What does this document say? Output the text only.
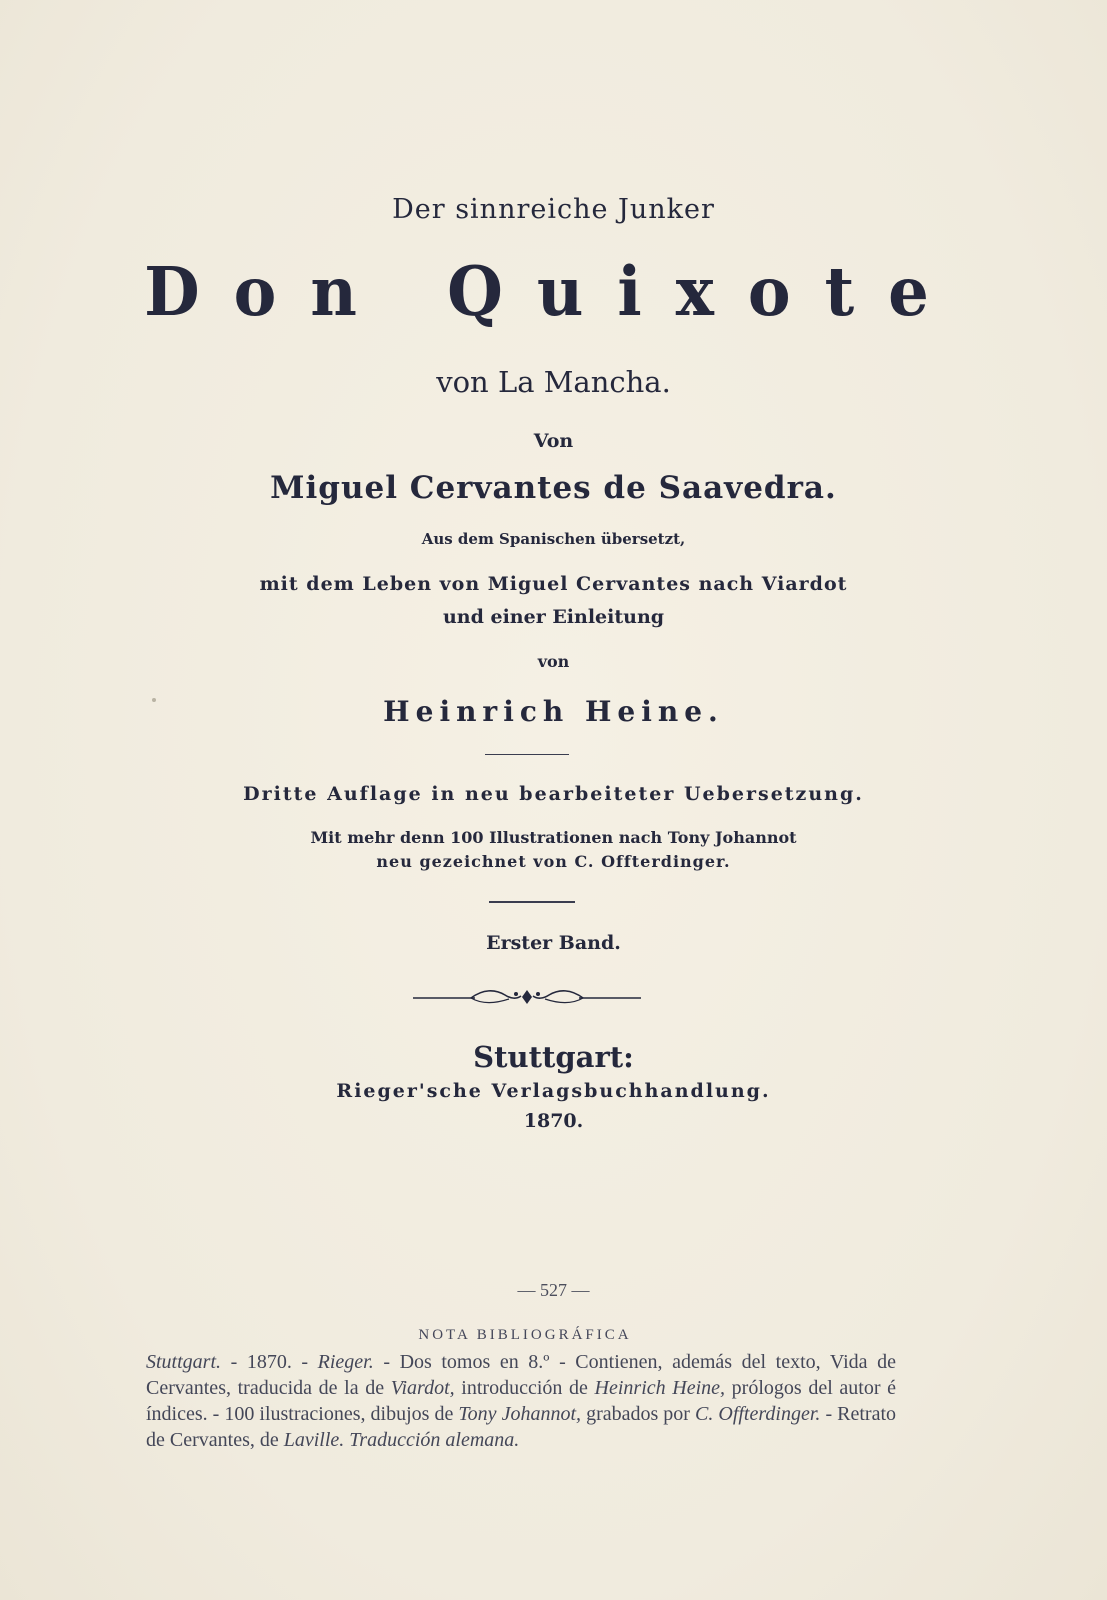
Der sinnreiche Junker
Don Quixote
von La Mancha.
Von
Miguel Cervantes de Saavedra.
Aus dem Spanischen übersetzt,
mit dem Leben von Miguel Cervantes nach Viardot
und einer Einleitung
von
Heinrich Heine.
Dritte Auflage in neu bearbeiteter Uebersetzung.
Mit mehr denn 100 Illustrationen nach Tony Johannot
neu gezeichnet von C. Offterdinger.
Erster Band.
Stuttgart:
Rieger'sche Verlagsbuchhandlung.
1870.
— 527 —
NOTA BIBLIOGRÁFICA
Stuttgart. - 1870. - Rieger. - Dos tomos en 8.º - Contienen, además del texto, Vida de Cervantes, traducida de la de Viardot, introducción de Heinrich Heine, prólogos del autor é índices. - 100 ilustraciones, dibujos de Tony Johannot, grabados por C. Offterdinger. - Retrato de Cervantes, de Laville. Traducción alemana.
